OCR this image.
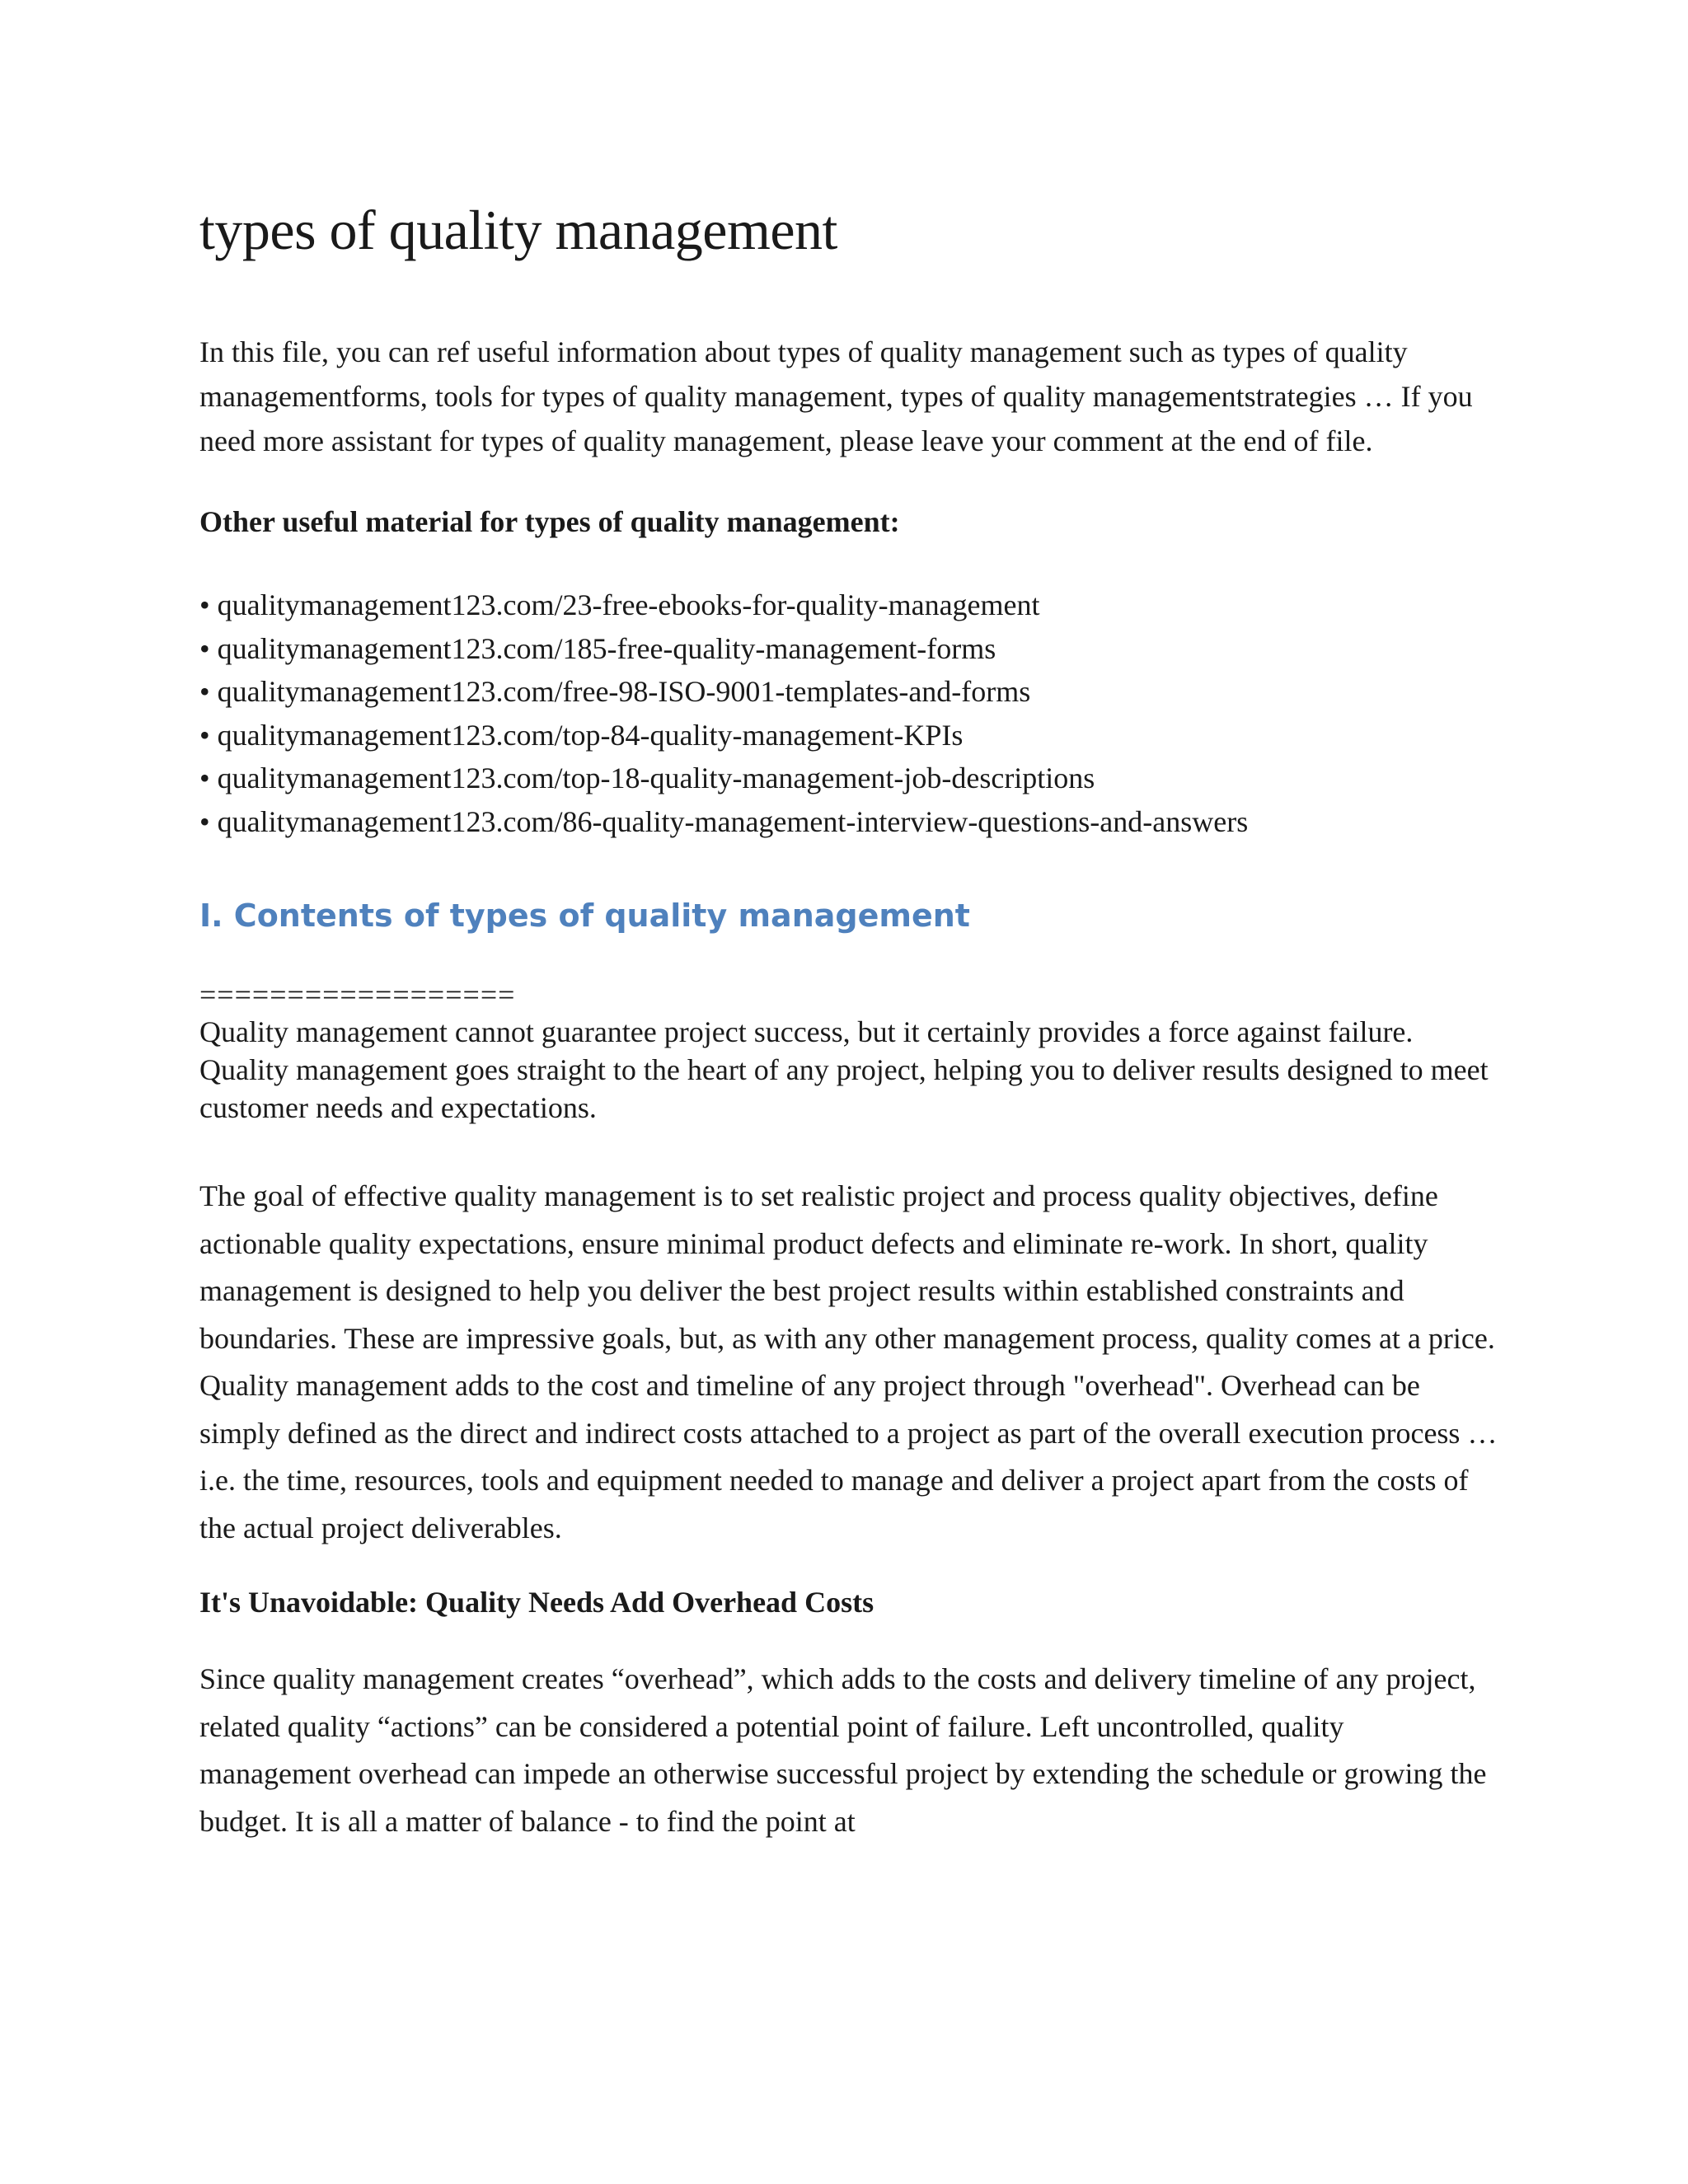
types of quality management

In this file, you can ref useful information about types of quality management such as types of quality managementforms, tools for types of quality management, types of quality managementstrategies … If you need more assistant for types of quality management, please leave your comment at the end of file.

Other useful material for types of quality management:

• qualitymanagement123.com/23-free-ebooks-for-quality-management
• qualitymanagement123.com/185-free-quality-management-forms
• qualitymanagement123.com/free-98-ISO-9001-templates-and-forms
• qualitymanagement123.com/top-84-quality-management-KPIs
• qualitymanagement123.com/top-18-quality-management-job-descriptions
• qualitymanagement123.com/86-quality-management-interview-questions-and-answers
I. Contents of types of quality management

==================

Quality management cannot guarantee project success, but it certainly provides a force against failure. Quality management goes straight to the heart of any project, helping you to deliver results designed to meet customer needs and expectations.

The goal of effective quality management is to set realistic project and process quality objectives, define actionable quality expectations, ensure minimal product defects and eliminate re-work. In short, quality management is designed to help you deliver the best project results within established constraints and boundaries. These are impressive goals, but, as with any other management process, quality comes at a price. Quality management adds to the cost and timeline of any project through "overhead". Overhead can be simply defined as the direct and indirect costs attached to a project as part of the overall execution process … i.e. the time, resources, tools and equipment needed to manage and deliver a project apart from the costs of the actual project deliverables.

It's Unavoidable: Quality Needs Add Overhead Costs

Since quality management creates “overhead”, which adds to the costs and delivery timeline of any project, related quality “actions” can be considered a potential point of failure. Left uncontrolled, quality management overhead can impede an otherwise successful project by extending the schedule or growing the budget. It is all a matter of balance - to find the point at
